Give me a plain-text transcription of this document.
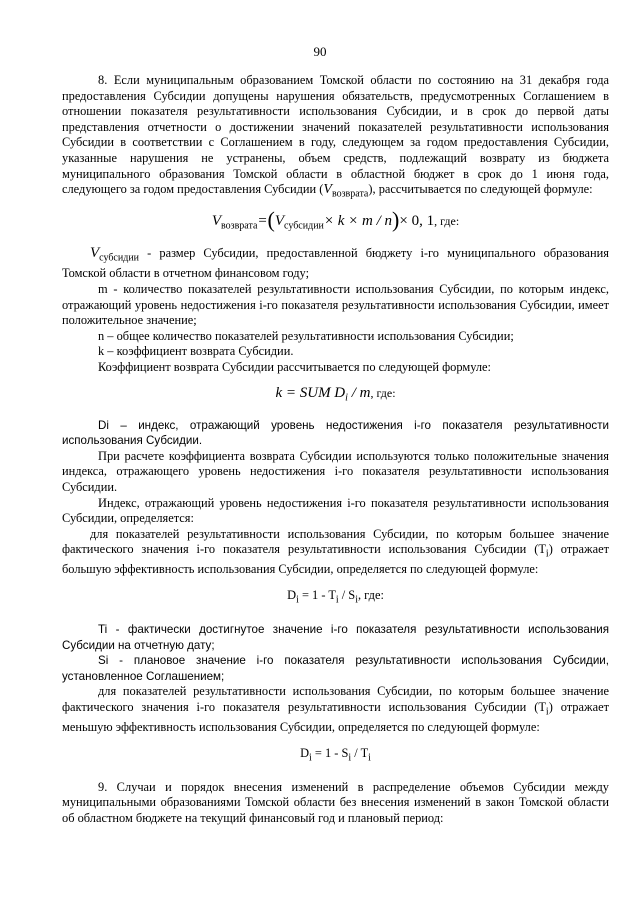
90

8. Если муниципальным образованием Томской области по состоянию на 31 декабря года предоставления Субсидии допущены нарушения обязательств, предусмотренных Соглашением в отношении показателя результативности использования Субсидии, и в срок до первой даты представления отчетности о достижении значений показателей результативности использования Субсидии в соответствии с Соглашением в году, следующем за годом предоставления Субсидии, указанные нарушения не устранены, объем средств, подлежащий возврату из бюджета муниципального образования Томской области в областной бюджет в срок до 1 июня года, следующего за годом предоставления Субсидии $(V_{возврата})$, рассчитывается по следующей формуле:

$V_{возврата}=(V_{субсидии}\times k \times m / n)\times 0$, 1, где:

$V_{субсидии}$ - размер Субсидии, предоставленной бюджету i-го муниципального образования Томской области в отчетном финансовом году;

m - количество показателей результативности использования Субсидии, по которым индекс, отражающий уровень недостижения i-го показателя результативности использования Субсидии, имеет положительное значение;

n – общее количество показателей результативности использования Субсидии;

k – коэффициент возврата Субсидии.

Коэффициент возврата Субсидии рассчитывается по следующей формуле:

k = SUM $D_i$ / m, где:

Di – индекс, отражающий уровень недостижения i-го показателя результативности использования Субсидии.

При расчете коэффициента возврата Субсидии используются только положительные значения индекса, отражающего уровень недостижения i-го показателя результативности использования Субсидии.

Индекс, отражающий уровень недостижения i-го показателя результативности использования Субсидии, определяется:

для показателей результативности использования Субсидии, по которым большее значение фактического значения i-го показателя результативности использования Субсидии $(T_i)$ отражает большую эффективность использования Субсидии, определяется по следующей формуле:

$D_i = 1 - T_i / S_i$, где:

Ti - фактически достигнутое значение i-го показателя результативности использования Субсидии на отчетную дату;

Si - плановое значение i-го показателя результативности использования Субсидии, установленное Соглашением;

для показателей результативности использования Субсидии, по которым большее значение фактического значения i-го показателя результативности использования Субсидии $(T_i)$ отражает меньшую эффективность использования Субсидии, определяется по следующей формуле:

$D_i = 1 - S_i / T_i$

9. Случаи и порядок внесения изменений в распределение объемов Субсидии между муниципальными образованиями Томской области без внесения изменений в закон Томской области об областном бюджете на текущий финансовый год и плановый период:
